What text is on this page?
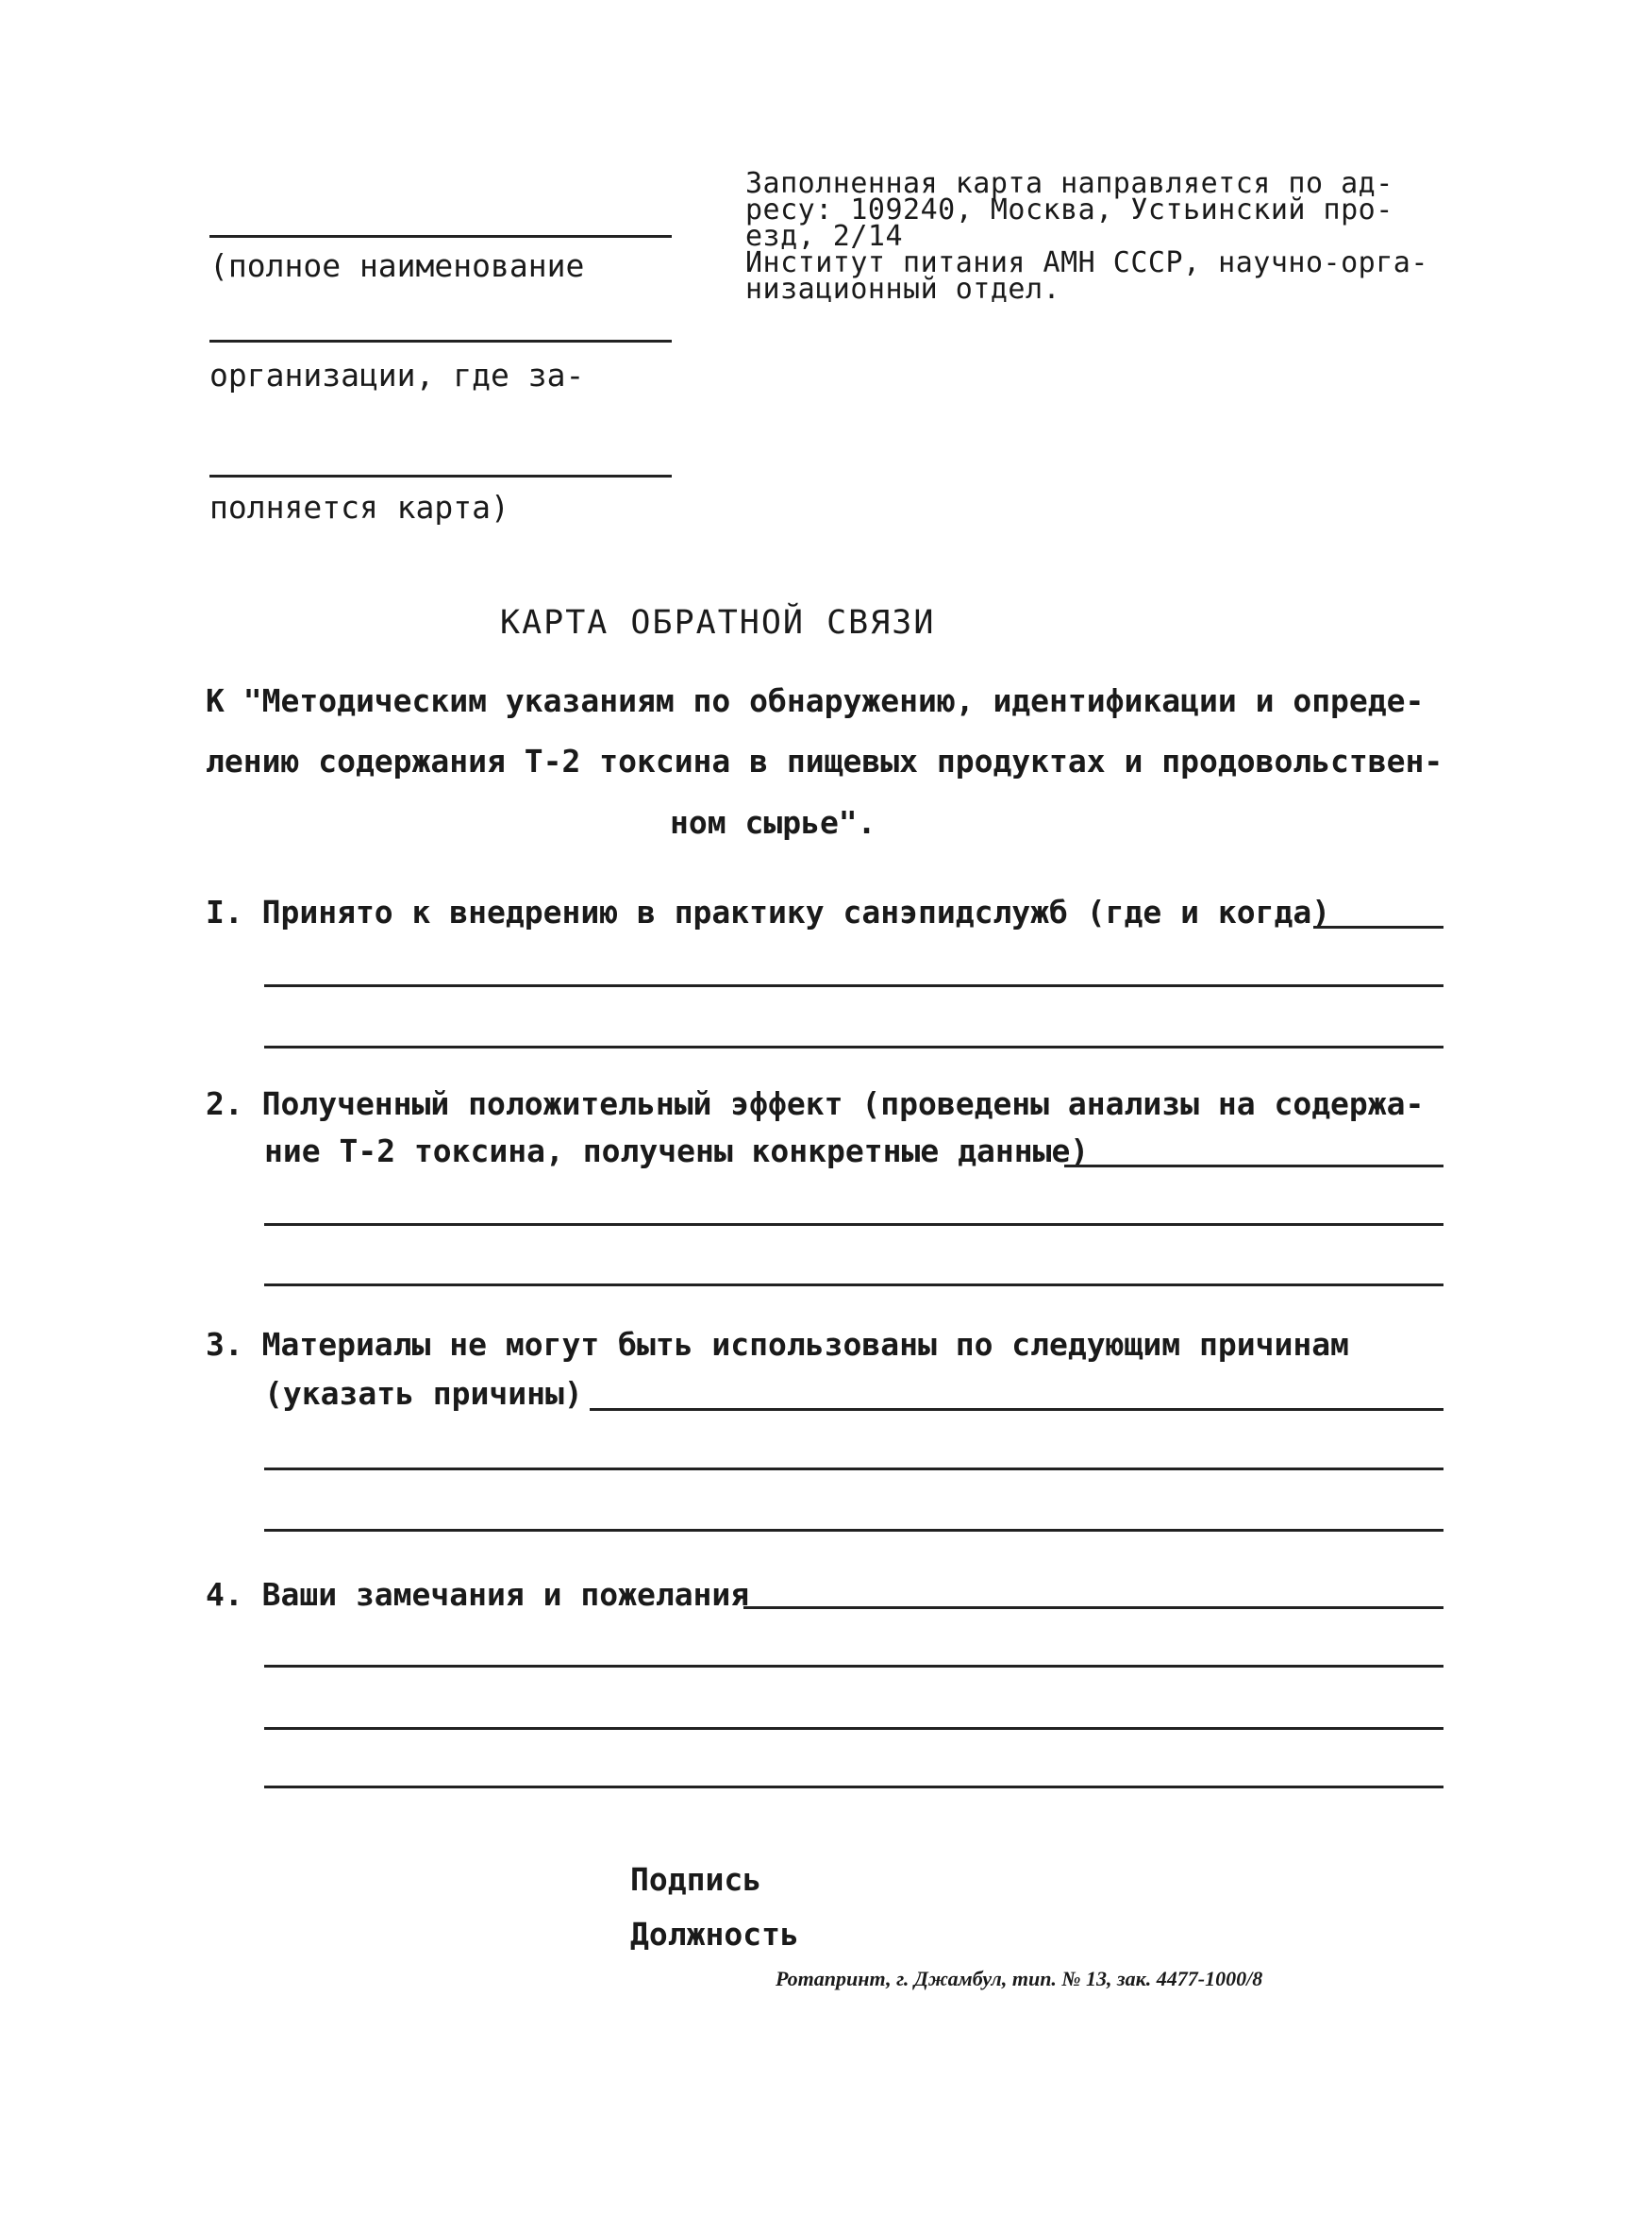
Заполненная карта направляется по ад-
ресу: 109240, Москва, Устьинский про-
езд, 2/14
Институт питания АМН СССР, научно-орга-
низационный отдел.
(полное наименование
организации, где за-
полняется карта)
КАРТА ОБРАТНОЙ СВЯЗИ
К "Методическим указаниям по обнаружению, идентификации и опреде-
лению содержания Т-2 токсина в пищевых продуктах и продовольствен-
ном сырье".
I. Принято к внедрению в практику санэпидслужб (где и когда)
2. Полученный положительный эффект (проведены анализы на содержа-
ние Т-2 токсина, получены конкретные данные)
3. Материалы не могут быть использованы по следующим причинам
(указать причины)
4. Ваши замечания и пожелания
Подпись
Должность
Ротапринт, г. Джамбул, тип. № 13, зак. 4477-1000/8
